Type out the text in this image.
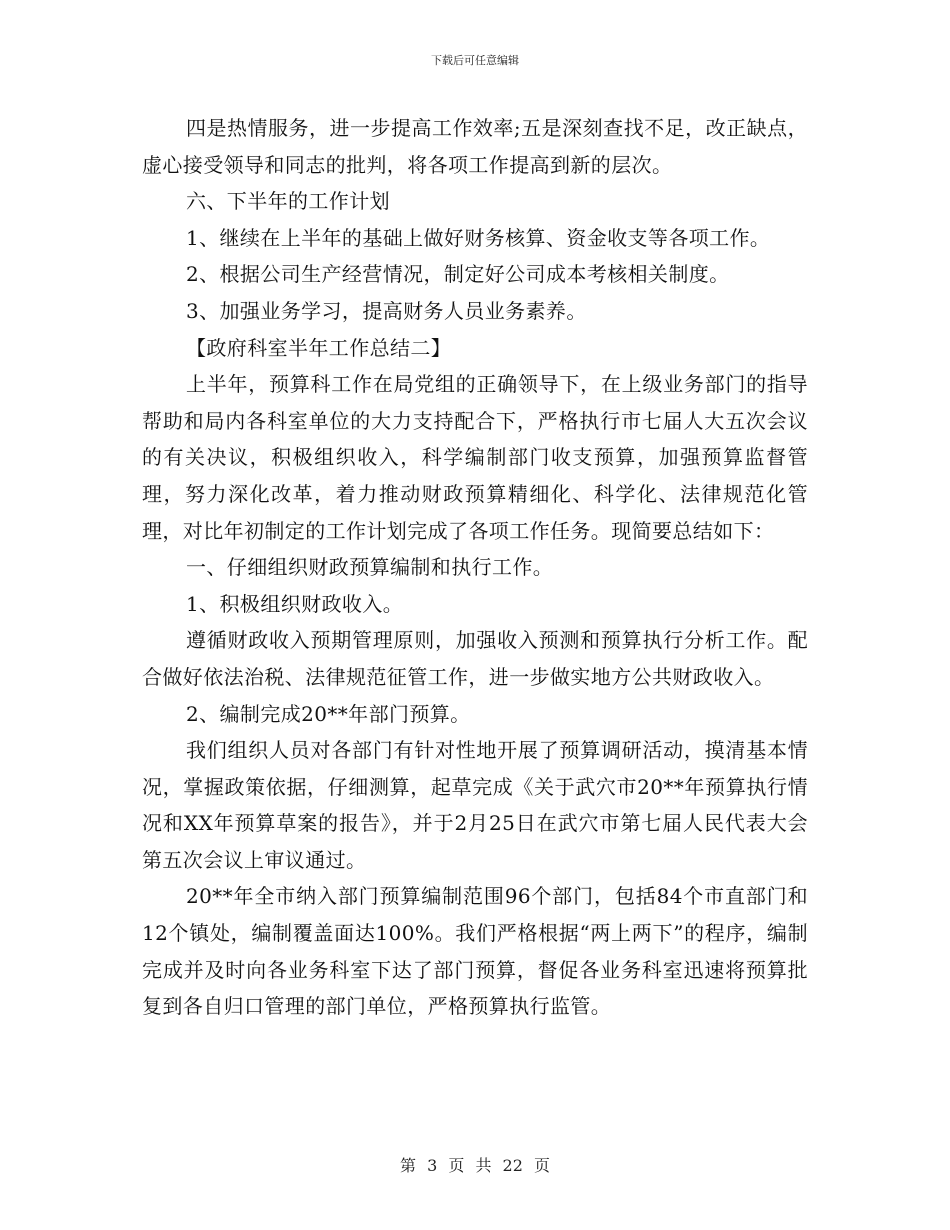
下载后可任意编辑

四是热情服务，进一步提高工作效率;五是深刻查找不足，改正缺点，虚心接受领导和同志的批判，将各项工作提高到新的层次。

六、下半年的工作计划

1、继续在上半年的基础上做好财务核算、资金收支等各项工作。

2、根据公司生产经营情况，制定好公司成本考核相关制度。

3、加强业务学习，提高财务人员业务素养。

【政府科室半年工作总结二】

上半年，预算科工作在局党组的正确领导下，在上级业务部门的指导帮助和局内各科室单位的大力支持配合下，严格执行市七届人大五次会议的有关决议，积极组织收入，科学编制部门收支预算，加强预算监督管理，努力深化改革，着力推动财政预算精细化、科学化、法律规范化管理，对比年初制定的工作计划完成了各项工作任务。现简要总结如下：

一、仔细组织财政预算编制和执行工作。

1、积极组织财政收入。

遵循财政收入预期管理原则，加强收入预测和预算执行分析工作。配合做好依法治税、法律规范征管工作，进一步做实地方公共财政收入。

2、编制完成20**年部门预算。

我们组织人员对各部门有针对性地开展了预算调研活动，摸清基本情况，掌握政策依据，仔细测算，起草完成《关于武穴市20**年预算执行情况和XX年预算草案的报告》，并于2月25日在武穴市第七届人民代表大会第五次会议上审议通过。

20**年全市纳入部门预算编制范围96个部门，包括84个市直部门和12个镇处，编制覆盖面达100%。我们严格根据“两上两下”的程序，编制完成并及时向各业务科室下达了部门预算，督促各业务科室迅速将预算批复到各自归口管理的部门单位，严格预算执行监管。

第 3 页 共 22 页
